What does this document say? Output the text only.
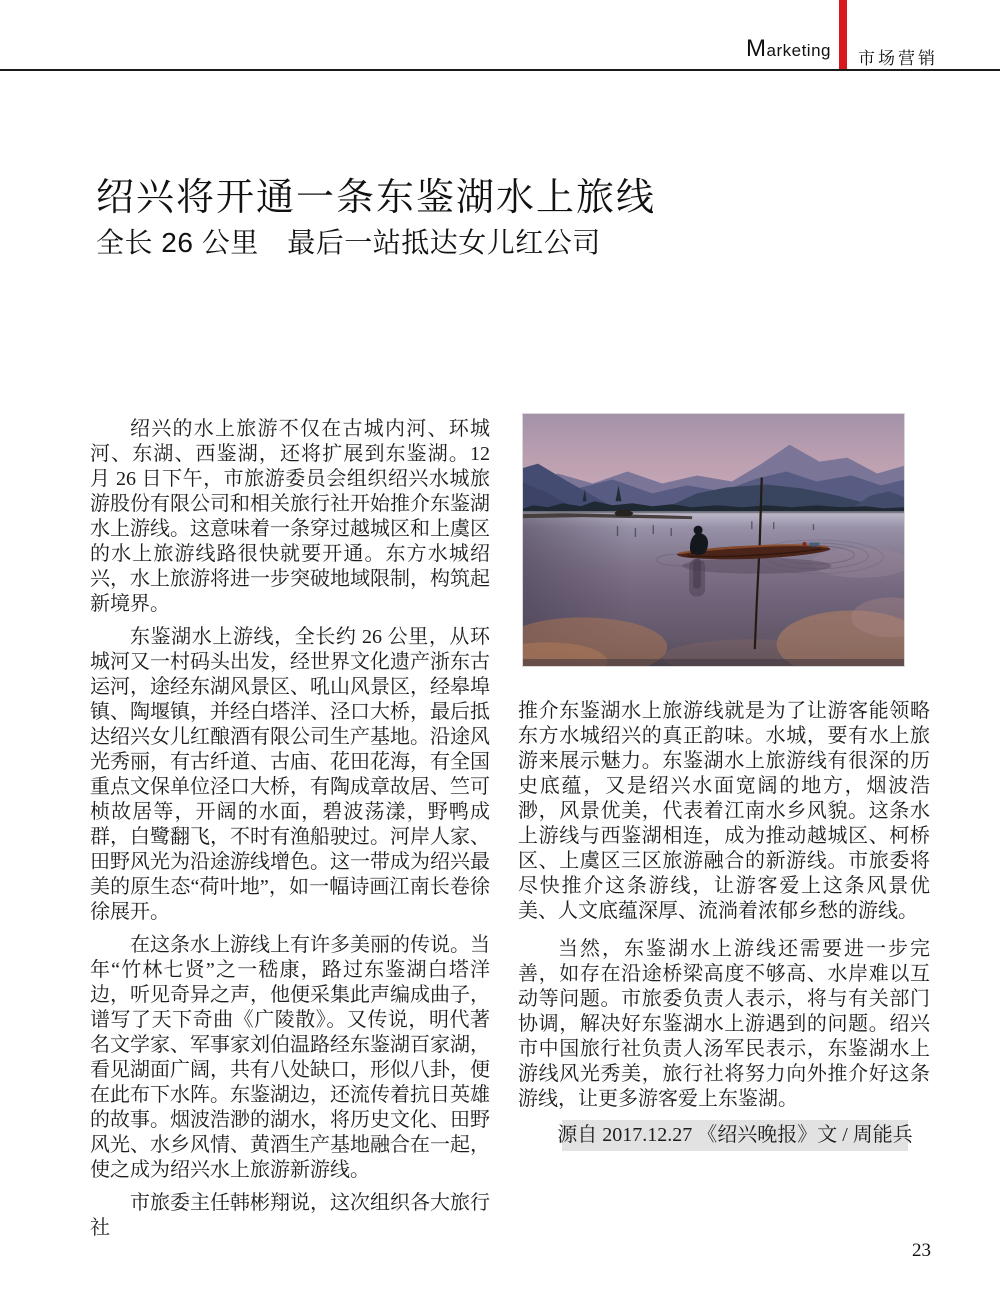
Marketing 市场营销
绍兴将开通一条东鉴湖水上旅线
全长 26 公里　最后一站抵达女儿红公司

绍兴的水上旅游不仅在古城内河、环城河、东湖、西鉴湖，还将扩展到东鉴湖。12 月 26 日下午，市旅游委员会组织绍兴水城旅游股份有限公司和相关旅行社开始推介东鉴湖水上游线。这意味着一条穿过越城区和上虞区的水上旅游线路很快就要开通。东方水城绍兴，水上旅游将进一步突破地域限制，构筑起新境界。

东鉴湖水上游线，全长约 26 公里，从环城河又一村码头出发，经世界文化遗产浙东古运河，途经东湖风景区、吼山风景区，经皋埠镇、陶堰镇，并经白塔洋、泾口大桥，最后抵达绍兴女儿红酿酒有限公司生产基地。沿途风光秀丽，有古纤道、古庙、花田花海，有全国重点文保单位泾口大桥，有陶成章故居、竺可桢故居等，开阔的水面，碧波荡漾，野鸭成群，白鹭翻飞，不时有渔船驶过。河岸人家、田野风光为沿途游线增色。这一带成为绍兴最美的原生态“荷叶地”，如一幅诗画江南长卷徐徐展开。

在这条水上游线上有许多美丽的传说。当年“竹林七贤”之一嵇康，路过东鉴湖白塔洋边，听见奇异之声，他便采集此声编成曲子，谱写了天下奇曲《广陵散》。又传说，明代著名文学家、军事家刘伯温路经东鉴湖百家湖，看见湖面广阔，共有八处缺口，形似八卦，便在此布下水阵。东鉴湖边，还流传着抗日英雄的故事。烟波浩渺的湖水，将历史文化、田野风光、水乡风情、黄酒生产基地融合在一起，使之成为绍兴水上旅游新游线。

市旅委主任韩彬翔说，这次组织各大旅行社

推介东鉴湖水上旅游线就是为了让游客能领略东方水城绍兴的真正韵味。水城，要有水上旅游来展示魅力。东鉴湖水上旅游线有很深的历史底蕴，又是绍兴水面宽阔的地方，烟波浩渺，风景优美，代表着江南水乡风貌。这条水上游线与西鉴湖相连，成为推动越城区、柯桥区、上虞区三区旅游融合的新游线。市旅委将尽快推介这条游线，让游客爱上这条风景优美、人文底蕴深厚、流淌着浓郁乡愁的游线。

当然，东鉴湖水上游线还需要进一步完善，如存在沿途桥梁高度不够高、水岸难以互动等问题。市旅委负责人表示，将与有关部门协调，解决好东鉴湖水上游遇到的问题。绍兴市中国旅行社负责人汤军民表示，东鉴湖水上游线风光秀美，旅行社将努力向外推介好这条游线，让更多游客爱上东鉴湖。

源自 2017.12.27 《绍兴晚报》文 / 周能兵
23
